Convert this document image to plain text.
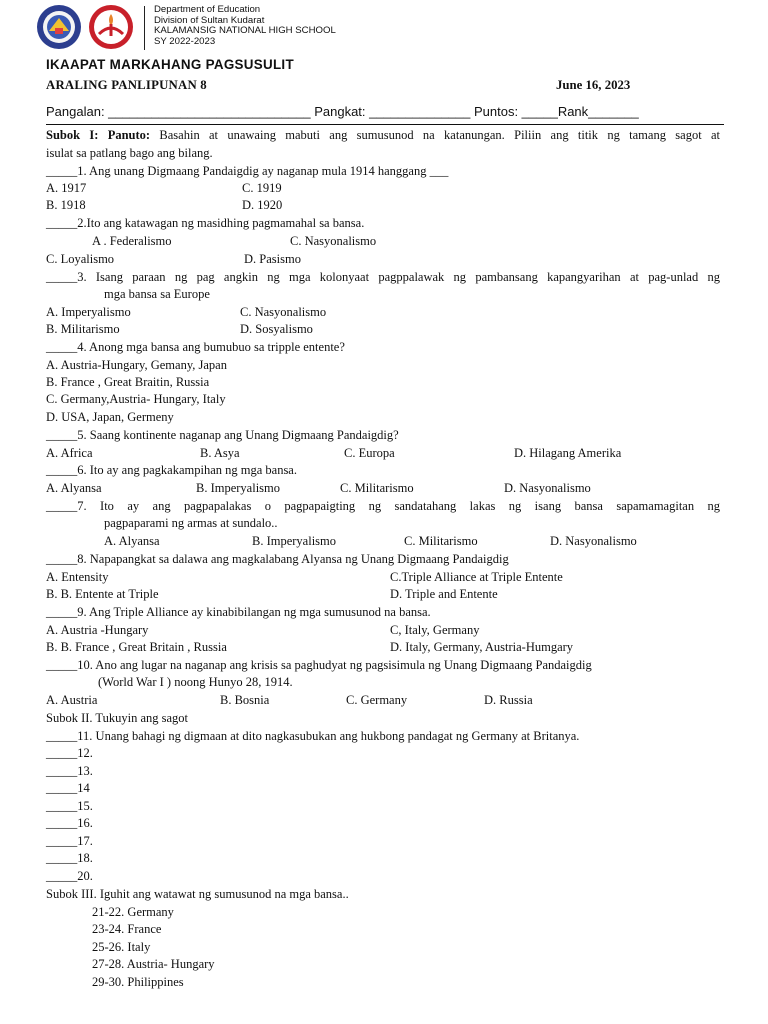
Department of Education
Division of Sultan Kudarat
KALAMANSIG NATIONAL HIGH SCHOOL
SY 2022-2023
IKAAPAT MARKAHANG PAGSUSULIT
ARALING PANLIPUNAN 8	June 16, 2023
Pangalan: ____________________________ Pangkat: ______________ Puntos: _____Rank_______
Subok I: Panuto: Basahin at unawaing mabuti ang sumusunod na katanungan. Piliin ang titik ng tamang sagot at
isulat sa patlang bago ang bilang.
_____1. Ang unang Digmaang Pandaigdig ay naganap mula 1914 hanggang ___
A. 1917	C. 1919
B. 1918	D. 1920
_____2.Ito ang katawagan ng masidhing pagmamahal sa bansa.
A . Federalismo	C. Nasyonalismo
C. Loyalismo	D. Pasismo
_____3. Isang paraan ng pag angkin ng mga kolonyaat pagppalawak ng pambansang kapangyarihan at pag-unlad ng
mga bansa sa Europe
A. Imperyalismo	C. Nasyonalismo
B. Militarismo	D. Sosyalismo
_____4. Anong mga bansa ang bumubuo sa tripple entente?
A. Austria-Hungary, Gemany, Japan
B. France , Great Braitin, Russia
C. Germany,Austria- Hungary, Italy
D. USA, Japan, Germeny
_____5. Saang kontinente naganap ang Unang Digmaang Pandaigdig?
A. Africa	B. Asya	C. Europa	D. Hilagang Amerika
_____6. Ito ay ang pagkakampihan ng mga bansa.
A. Alyansa	B. Imperyalismo	C. Militarismo	D. Nasyonalismo
_____7. Ito ay ang pagpapalakas o pagpapaigting ng sandatahang lakas ng isang bansa sapamamagitan ng
pagpaparami ng armas at sundalo..
A. Alyansa	B. Imperyalismo	C. Militarismo	D. Nasyonalismo
_____8. Napapangkat sa dalawa ang magkalabang Alyansa ng Unang Digmaang Pandaigdig
A. Entensity	C.Triple Alliance at Triple Entente
B. B. Entente at Triple	D. Triple and Entente
_____9. Ang Triple Alliance ay kinabibilangan ng mga sumusunod na bansa.
A. Austria -Hungary	C, Italy, Germany
B. B. France , Great Britain , Russia	D. Italy, Germany, Austria-Humgary
_____10. Ano ang lugar na naganap ang krisis sa paghudyat ng pagsisimula ng Unang Digmaang Pandaigdig
(World War I ) noong Hunyo 28, 1914.
A. Austria	B. Bosnia	C. Germany	D. Russia
Subok II. Tukuyin ang sagot
_____11. Unang bahagi ng digmaan at dito nagkasubukan ang hukbong pandagat ng Germany at Britanya.
_____12.
_____13.
_____14
_____15.
_____16.
_____17.
_____18.
_____20.
Subok III. Iguhit ang watawat ng sumusunod na mga bansa..
21-22. Germany
23-24. France
25-26. Italy
27-28. Austria- Hungary
29-30. Philippines
